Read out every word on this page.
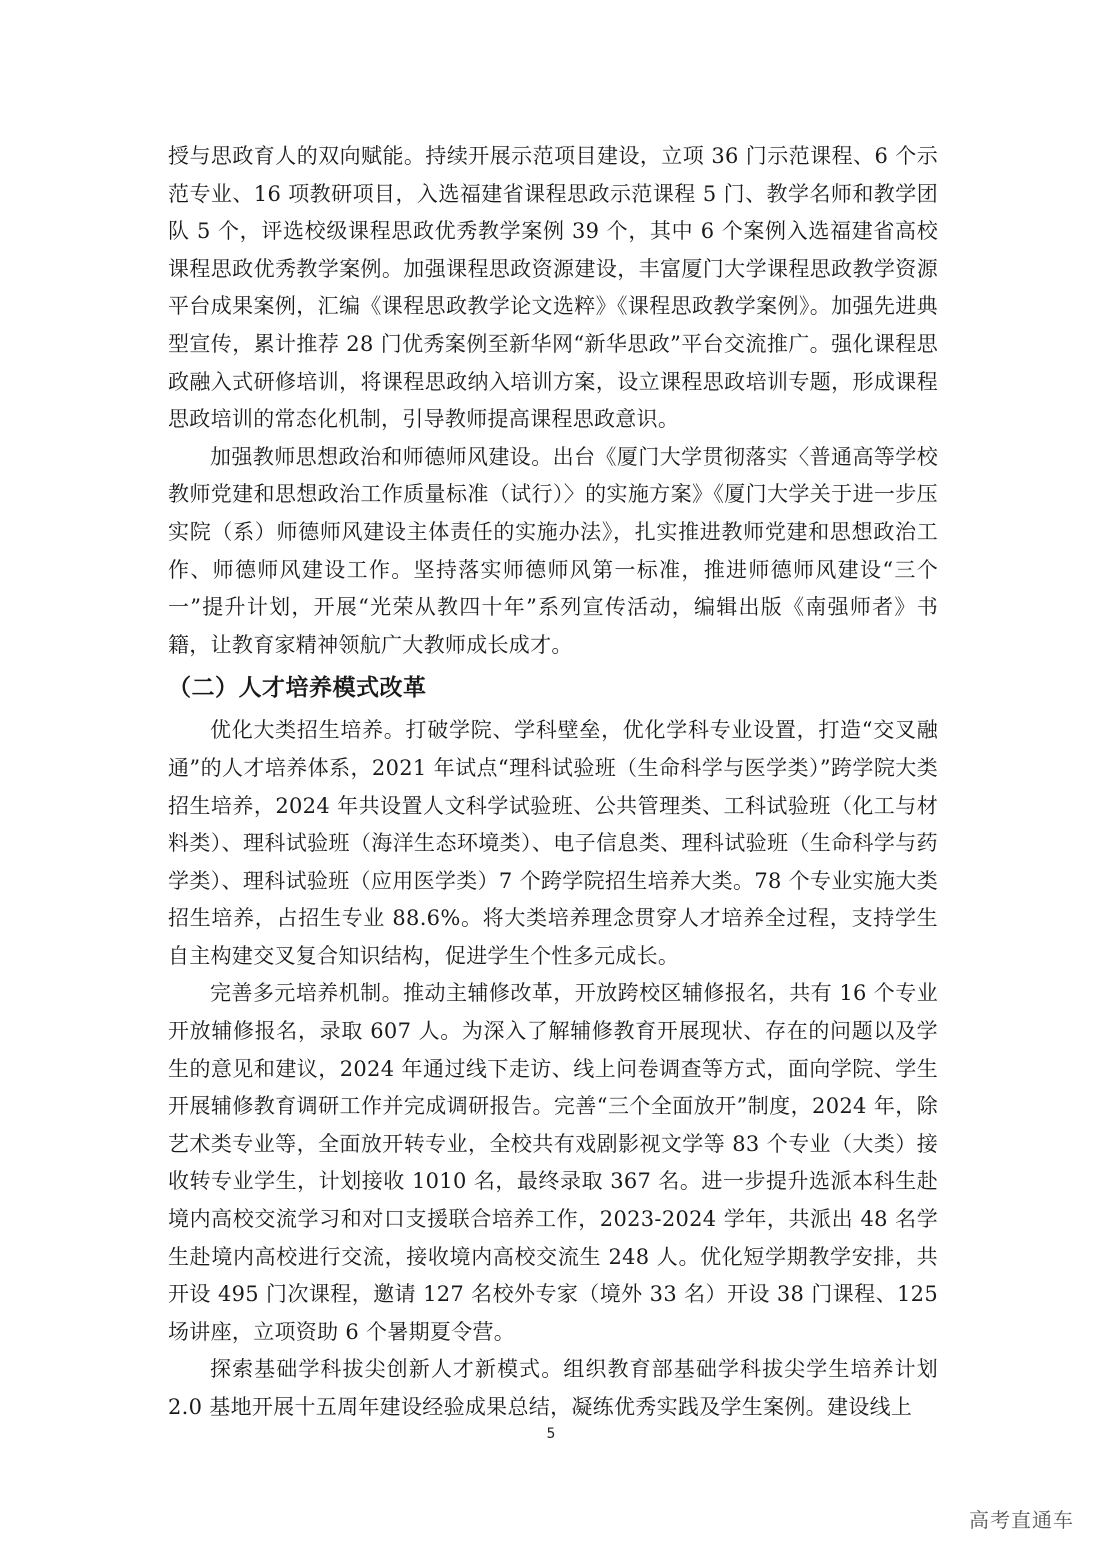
授与思政育人的双向赋能。持续开展示范项目建设，立项 36 门示范课程、6 个示范专业、16 项教研项目，入选福建省课程思政示范课程 5 门、教学名师和教学团队 5 个，评选校级课程思政优秀教学案例 39 个，其中 6 个案例入选福建省高校课程思政优秀教学案例。加强课程思政资源建设，丰富厦门大学课程思政教学资源平台成果案例，汇编《课程思政教学论文选粹》《课程思政教学案例》。加强先进典型宣传，累计推荐 28 门优秀案例至新华网“新华思政”平台交流推广。强化课程思政融入式研修培训，将课程思政纳入培训方案，设立课程思政培训专题，形成课程思政培训的常态化机制，引导教师提高课程思政意识。

加强教师思想政治和师德师风建设。出台《厦门大学贯彻落实〈普通高等学校教师党建和思想政治工作质量标准（试行）〉的实施方案》《厦门大学关于进一步压实院（系）师德师风建设主体责任的实施办法》，扎实推进教师党建和思想政治工作、师德师风建设工作。坚持落实师德师风第一标准，推进师德师风建设“三个一”提升计划，开展“光荣从教四十年”系列宣传活动，编辑出版《南强师者》书籍，让教育家精神领航广大教师成长成才。

（二）人才培养模式改革

优化大类招生培养。打破学院、学科壁垒，优化学科专业设置，打造“交叉融通”的人才培养体系，2021 年试点“理科试验班（生命科学与医学类）”跨学院大类招生培养，2024 年共设置人文科学试验班、公共管理类、工科试验班（化工与材料类）、理科试验班（海洋生态环境类）、电子信息类、理科试验班（生命科学与药学类）、理科试验班（应用医学类）7 个跨学院招生培养大类。78 个专业实施大类招生培养，占招生专业 88.6%。将大类培养理念贯穿人才培养全过程，支持学生自主构建交叉复合知识结构，促进学生个性多元成长。

完善多元培养机制。推动主辅修改革，开放跨校区辅修报名，共有 16 个专业开放辅修报名，录取 607 人。为深入了解辅修教育开展现状、存在的问题以及学生的意见和建议，2024 年通过线下走访、线上问卷调查等方式，面向学院、学生开展辅修教育调研工作并完成调研报告。完善“三个全面放开”制度，2024 年，除艺术类专业等，全面放开转专业，全校共有戏剧影视文学等 83 个专业（大类）接收转专业学生，计划接收 1010 名，最终录取 367 名。进一步提升选派本科生赴境内高校交流学习和对口支援联合培养工作，2023-2024 学年，共派出 48 名学生赴境内高校进行交流，接收境内高校交流生 248 人。优化短学期教学安排，共开设 495 门次课程，邀请 127 名校外专家（境外 33 名）开设 38 门课程、125 场讲座，立项资助 6 个暑期夏令营。

探索基础学科拔尖创新人才新模式。组织教育部基础学科拔尖学生培养计划 2.0 基地开展十五周年建设经验成果总结，凝练优秀实践及学生案例。建设线上

5
高考直通车
